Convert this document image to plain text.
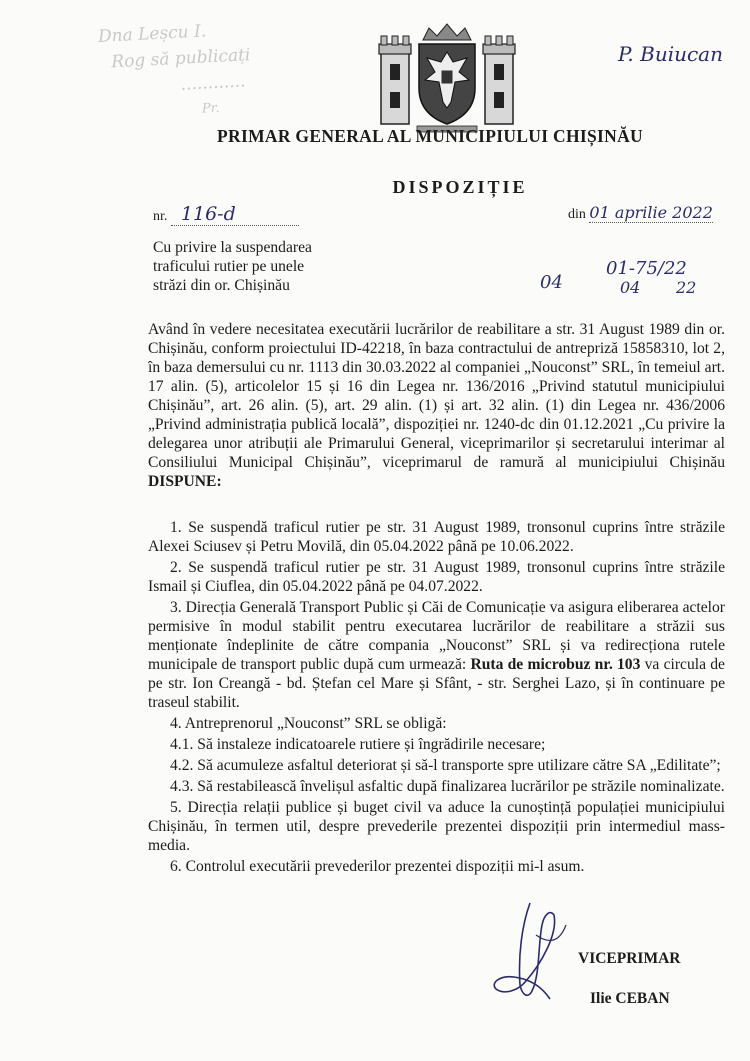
Dna Leșcu I.
Rog să publicați
............
Pr.
P. Buiucan
PRIMAR GENERAL AL MUNICIPIULUI CHIȘINĂU
DISPOZIȚIE
nr. 116-d	din 01 aprilie 2022
Cu privire la suspendarea
traficului rutier pe unele
străzi din or. Chișinău
01-75/22
04	04 22

Având în vedere necesitatea executării lucrărilor de reabilitare a str. 31 August 1989 din or. Chișinău, conform proiectului ID-42218, în baza contractului de antrepriză 15858310, lot 2, în baza demersului cu nr. 1113 din 30.03.2022 al companiei „Nouconst” SRL, în temeiul art. 17 alin. (5), articolelor 15 și 16 din Legea nr. 136/2016 „Privind statutul municipiului Chișinău”, art. 26 alin. (5), art. 29 alin. (1) și art. 32 alin. (1) din Legea nr. 436/2006 „Privind administrația publică locală”, dispoziției nr. 1240-dc din 01.12.2021 „Cu privire la delegarea unor atribuții ale Primarului General, viceprimarilor și secretarului interimar al Consiliului Municipal Chișinău”, viceprimarul de ramură al municipiului Chișinău DISPUNE:

1. Se suspendă traficul rutier pe str. 31 August 1989, tronsonul cuprins între străzile Alexei Sciusev și Petru Movilă, din 05.04.2022 până pe 10.06.2022.

2. Se suspendă traficul rutier pe str. 31 August 1989, tronsonul cuprins între străzile Ismail și Ciuflea, din 05.04.2022 până pe 04.07.2022.

3. Direcția Generală Transport Public și Căi de Comunicație va asigura eliberarea actelor permisive în modul stabilit pentru executarea lucrărilor de reabilitare a străzii sus menționate îndeplinite de către compania „Nouconst” SRL și va redirecționa rutele municipale de transport public după cum urmează: Ruta de microbuz nr. 103 va circula de pe str. Ion Creangă - bd. Ștefan cel Mare și Sfânt, - str. Serghei Lazo, și în continuare pe traseul stabilit.

4. Antreprenorul „Nouconst” SRL se obligă:

4.1. Să instaleze indicatoarele rutiere și îngrădirile necesare;

4.2. Să acumuleze asfaltul deteriorat și să-l transporte spre utilizare către SA „Edilitate”;

4.3. Să restabilească învelișul asfaltic după finalizarea lucrărilor pe străzile nominalizate.

5. Direcția relații publice și buget civil va aduce la cunoștință populației municipiului Chișinău, în termen util, despre prevederile prezentei dispoziții prin intermediul mass-media.

6. Controlul executării prevederilor prezentei dispoziții mi-l asum.

VICEPRIMAR
Ilie CEBAN
